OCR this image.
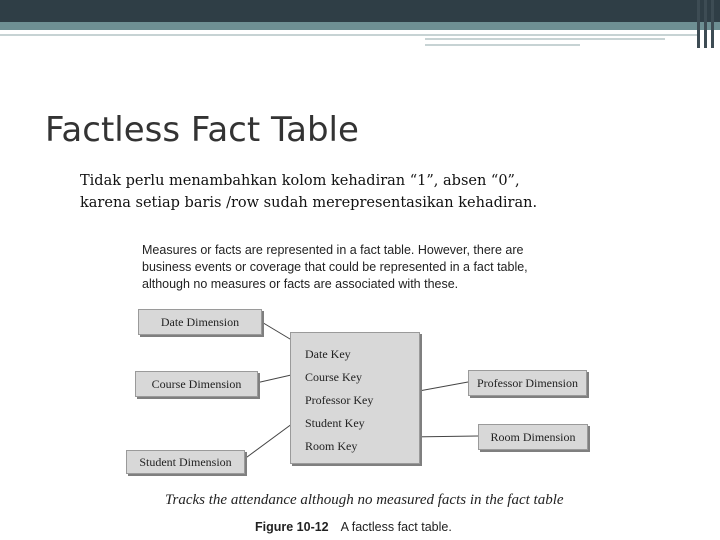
Factless Fact Table
Tidak perlu menambahkan kolom kehadiran “1”, absen “0”,
karena setiap baris /row sudah merepresentasikan kehadiran.
Measures or facts are represented in a fact table. However, there are
business events or coverage that could be represented in a fact table,
although no measures or facts are associated with these.
Date Dimension
Course Dimension
Student Dimension
Professor Dimension
Room Dimension
Date Key
Course Key
Professor Key
Student Key
Room Key
Tracks the attendance although no measured facts in the fact table
Figure 10-12 A factless fact table.
